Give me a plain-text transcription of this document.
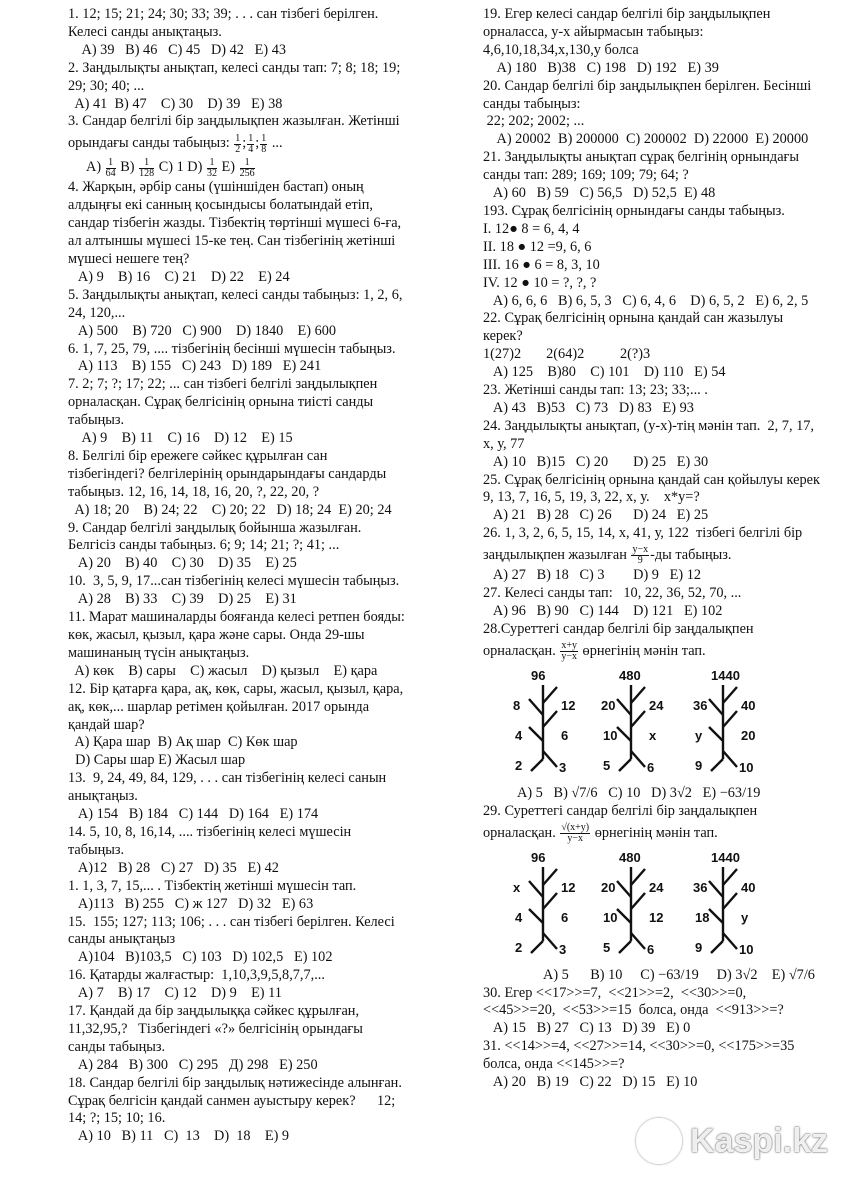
1. 12; 15; 21; 24; 30; 33; 39; . . . сан тізбегі берілген.
Келесі санды анықтаңыз.
A) 39   B) 46   C) 45   D) 42   E) 43
2. Заңдылықты анықтап, келесі санды тап: 7; 8; 18; 19;
29; 30; 40; ...
A) 41  B) 47    C) 30    D) 39   E) 38
3. Сандар белгілі бір заңдылықпен жазылған. Жетінші
орындағы санды табыңыз: $\frac{1}{2}$ ; $\frac{1}{4}$ ; $\frac{1}{8}$ ...
$A) \frac{1}{64} B) \frac{1}{128} C$) 1 $D) \frac{1}{32} E) \frac{1}{256}$
4. Жарқын, әрбір саны (үшіншіден бастап) оның
алдыңғы екі санның қосындысы болатындай етіп,
сандар тізбегін жазды. Тізбектің төртінші мүшесі 6-ға,
ал алтыншы мүшесі 15-ке тең. Сан тізбегінің жетінші
мүшесі нешеге тең?
A) 9    B) 16    C) 21    D) 22    E) 24
5. Заңдылықты анықтап, келесі санды табыңыз: 1, 2, 6,
24, 120,...
A) 500    B) 720   C) 900    D) 1840    E) 600
6. 1, 7, 25, 79, .... тізбегінің бесінші мүшесін табыңыз.
A) 113    B) 155   C) 243   D) 189   E) 241
7. 2; 7; ?; 17; 22; ... сан тізбегі белгілі заңдылықпен
орналасқан. Сұрақ белгісінің орнына тиісті санды
табыңыз.
A) 9    B) 11    C) 16    D) 12    E) 15
8. Белгілі бір ережеге сәйкес құрылған сан
тізбегіндегі? белгілерінің орындарындағы сандарды
табыңыз. 12, 16, 14, 18, 16, 20, ?, 22, 20, ?
A) 18; 20    B) 24; 22    C) 20; 22   D) 18; 24  E) 20; 24
9. Сандар белгілі заңдылық бойынша жазылған.
Белгісіз санды табыңыз. 6; 9; 14; 21; ?; 41; ...
A) 20    B) 40    C) 30    D) 35    E) 25
10.  3, 5, 9, 17...сан тізбегінің келесі мүшесін табыңыз.
A) 28    B) 33    C) 39    D) 25    E) 31
11. Марат машиналарды бояғанда келесі ретпен бояды:
көк, жасыл, қызыл, қара және сары. Онда 29-шы
машинаның түсін анықтаңыз.
A) көк    B) сары    C) жасыл    D) қызыл    E) қара
12. Бір қатарға қара, ақ, көк, сары, жасыл, қызыл, қара,
ақ, көк,... шарлар ретімен қойылған. 2017 орында
қандай шар?
A) Қара шар  B) Ақ шар  C) Көк шар
D) Сары шар E) Жасыл шар
13.  9, 24, 49, 84, 129, . . . сан тізбегінің келесі санын
анықтаңыз.
A) 154   B) 184   C) 144   D) 164   E) 174
14. 5, 10, 8, 16,14, .... тізбегінің келесі мүшесін
табыңыз.
A)12   B) 28   C) 27   D) 35   E) 42
1. 1, 3, 7, 15,... . Тізбектің жетінші мүшесін тап.
A)113   B) 255   C) ж 127   D) 32   E) 63
15.  155; 127; 113; 106; . . . сан тізбегі берілген. Келесі
санды анықтаңыз
A)104   B)103,5   C) 103   D) 102,5   E) 102
16. Қатарды жалғастыр:  1,10,3,9,5,8,7,7,...
A) 7    B) 17    C) 12    D) 9    E) 11
17. Қандай да бір заңдылыққа сәйкес құрылған,
11,32,95,?   Тізбегіндегі «?» белгісінің орындағы
санды табыңыз.
A) 284   B) 300   C) 295   Д) 298   E) 250
18. Сандар белгілі бір заңдылық нәтижесінде алынған.
Сұрақ белгісін қандай санмен ауыстыру керек?      12;
14; ?; 15; 10; 16.
A) 10   B) 11   C)  13    D)  18    E) 9
19. Егер келесі сандар белгілі бір заңдылықпен
орналасса, у-х айырмасын табыңыз:
4,6,10,18,34,х,130,у болса
A) 180   B)38   C) 198   D) 192   E) 39
20. Сандар белгілі бір заңдылықпен берілген. Бесінші
санды табыңыз:
22; 202; 2002; ...
A) 20002  B) 200000  C) 200002  D) 22000  E) 20000
21. Заңдылықты анықтап сұрақ белгінің орнындағы
санды тап: 289; 169; 109; 79; 64; ?
A) 60   B) 59   C) 56,5   D) 52,5  E) 48
193. Сұрақ белгісінің орнындағы санды табыңыз.
I. 12● 8 = 6, 4, 4
II. 18 ● 12 =9, 6, 6
III. 16 ● 6 = 8, 3, 10
IV. 12 ● 10 = ?, ?, ?
A) 6, 6, 6   B) 6, 5, 3   C) 6, 4, 6    D) 6, 5, 2   E) 6, 2, 5
22. Сұрақ белгісінің орнына қандай сан жазылуы
керек?
1(27)2       2(64)2          2(?)3
A) 125    B)80    C) 101    D) 110   E) 54
23. Жетінші санды тап: 13; 23; 33;... .
A) 43   B)53   C) 73   D) 83   E) 93
24. Заңдылықты анықтап, (у-х)-тің мәнін тап.  2, 7, 17,
х, у, 77
A) 10   B)15   C) 20       D) 25   E) 30
25. Сұрақ белгісінің орнына қандай сан қойылуы керек
9, 13, 7, 16, 5, 19, 3, 22, х, у.    х*у=?
A) 21   B) 28   C) 26      D) 24   E) 25
26. 1, 3, 2, 6, 5, 15, 14, х, 41, у, 122  тізбегі белгілі бір
заңдылықпен жазылған $\frac{у-х}{9} -ды$ табыңыз.
A) 27   B) 18   C) 3        D) 9   E) 12
27. Келесі санды тап:   10, 22, 36, 52, 70, ...
A) 96   B) 90   C) 144    D) 121   E) 102
28.Суреттегі сандар белгілі бір заңдалықпен
орналасқан. $\frac{х+у}{у-х}$ өрнегінің мәнін тап.
96
8	12
4	6
2	3
480
20	24
10 х
5	6
1440
36	40
у	20
9	10
A) 5   B) √7/6   C) 10   D) 3√2   E) −63/19
29. Суреттегі сандар белгілі бір заңдалықпен
орналасқан. $\frac{√(х+у)}{у-х}$ өрнегінің мәнін тап.
96
х	12
4	6
2	3
480
20	24
10 12
5	6
1440
36	40
18 у
9	10
A) 5      B) 10     C) −63/19     D) 3√2    E) √7/6
30. Егер <<17>>=7,  <<21>>=2,  <<30>>=0,
<<45>>=20,  <<53>>=15  болса, онда  <<913>>=?
A) 15   B) 27   C) 13   D) 39   E) 0
31. <<14>>=4, <<27>>=14, <<30>>=0, <<175>>=35
болса, онда <<145>>=?
A) 20   B) 19   C) 22   D) 15   E) 10
Kaspi.kz
